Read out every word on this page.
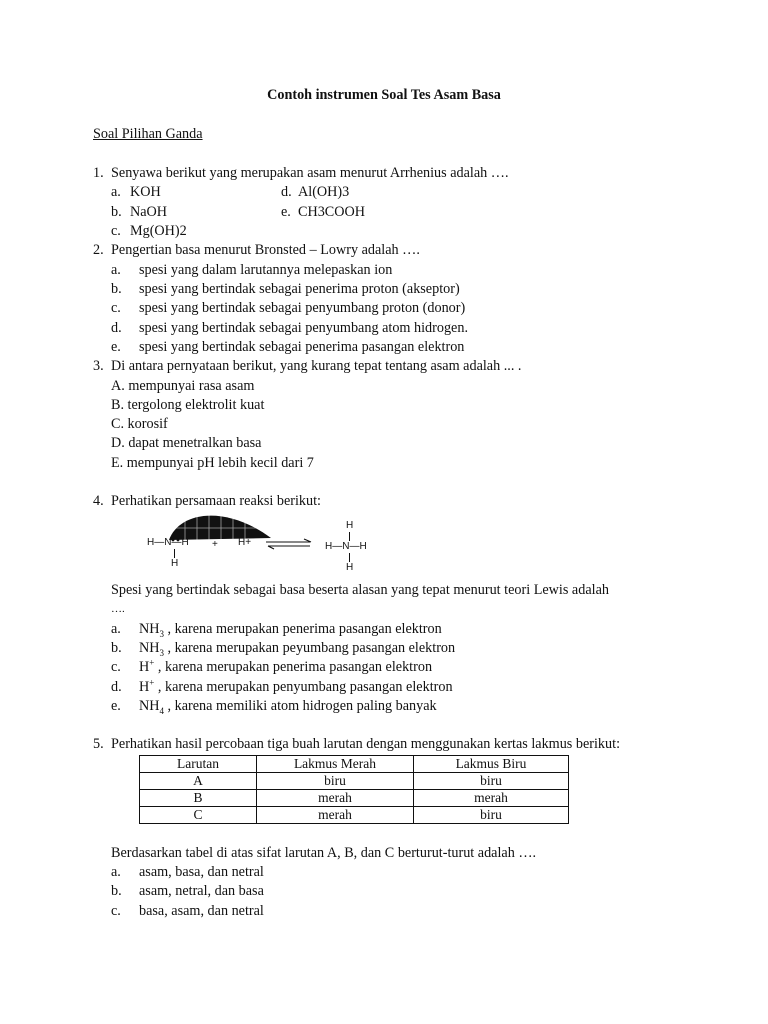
Contoh instrumen Soal Tes Asam Basa
Soal Pilihan Ganda
1. Senyawa berikut yang merupakan asam menurut Arrhenius adalah ….
a. KOH	d. Al(OH)3
b. NaOH	e. CH3COOH
c. Mg(OH)2
2. Pengertian basa menurut Bronsted – Lowry adalah ….
a. spesi yang dalam larutannya melepaskan ion
b. spesi yang bertindak sebagai penerima proton (akseptor)
c. spesi yang bertindak sebagai penyumbang proton (donor)
d. spesi yang bertindak sebagai penyumbang atom hidrogen.
e. spesi yang bertindak sebagai penerima pasangan elektron
3. Di antara pernyataan berikut, yang kurang tepat tentang asam adalah ... .
A. mempunyai rasa asam
B. tergolong elektrolit kuat
C. korosif
D. dapat menetralkan basa
E. mempunyai pH lebih kecil dari 7
4. Perhatikan persamaan reaksi berikut:
H—N—H
H
+ H+ ⇌
H
H—N—H
H
Spesi yang bertindak sebagai basa beserta alasan yang tepat menurut teori Lewis adalah
….
a. $NH_3$ , karena merupakan penerima pasangan elektron
b. $NH_3$ , karena merupakan peyumbang pasangan elektron
c. H+ , karena merupakan penerima pasangan elektron
d. H+ , karena merupakan penyumbang pasangan elektron
e. $NH_4$ , karena memiliki atom hidrogen paling banyak
5. Perhatikan hasil percobaan tiga buah larutan dengan menggunakan kertas lakmus berikut:
Larutan	Lakmus Merah	Lakmus Biru
A	biru	biru
B	merah	merah
C	merah	biru
Berdasarkan tabel di atas sifat larutan A, B, dan C berturut-turut adalah ….
a. asam, basa, dan netral
b. asam, netral, dan basa
c. basa, asam, dan netral
